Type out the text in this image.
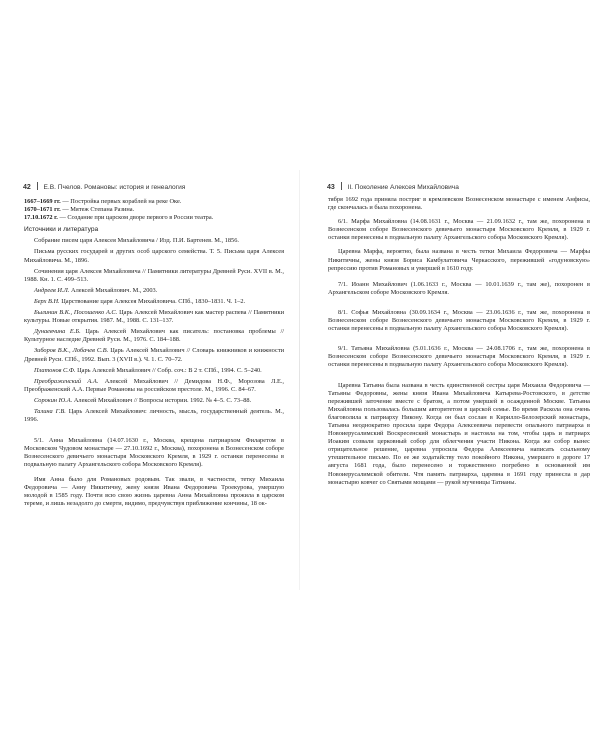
42 Е.В. Пчелов. Романовы: история и генеалогия
1667–1669 гг. — Постройка первых кораблей на реке Оке.
1670–1671 гг. — Мятеж Степана Разина.
17.10.1672 г. — Создание при царском дворе первого в России театра.
Источники и литература

Собрание писем царя Алексея Михайловича / Изд. П.И. Бартенев. М., 1856.

Письма русских государей и других особ царского семейства. Т. 5. Письма царя Алексея Михайловича. М., 1896.

Сочинения царя Алексея Михайловича // Памятники литературы Древней Руси. XVII в. М., 1988. Кн. 1. С. 499–513.

Андреев И.Л. Алексей Михайлович. М., 2003.

Берх В.Н. Царствование царя Алексея Михайловича. СПб., 1830–1831. Ч. 1–2.

Былинин В.К., Посошенко А.С. Царь Алексей Михайлович как мастер распева // Памятники культуры. Новые открытия. 1987. М., 1988. С. 131–137.

Дунаевчина Е.Б. Царь Алексей Михайлович как писатель: постановка проблемы // Культурное наследие Древней Руси. М., 1976. С. 184–188.

Зиборов В.К., Лобачев С.В. Царь Алексей Михайлович // Словарь книжников и книжности Древней Руси. СПб., 1992. Вып. 3 (XVII в.). Ч. 1. С. 70–72.

Платонов С.Ф. Царь Алексей Михайлович // Собр. соч.: В 2 т. СПб., 1994. С. 5–240.

Преображенский А.А. Алексей Михайлович // Демидова Н.Ф., Морозова Л.Е., Преображенский А.А. Первые Романовы на российском престоле. М., 1996. С. 84–67.

Сорокин Ю.А. Алексей Михайлович // Вопросы истории. 1992. № 4–5. С. 73–88.

Талина Г.В. Царь Алексей Михайлович: личность, мысль, государственный деятель. М., 1996.

5/1. Анна Михайловна (14.07.1630 г., Москва, крещена патриархом Филаретом в Московском Чудовом монастыре — 27.10.1692 г., Москва), похоронена в Вознесенском соборе Вознесенского девичьего монастыря Московского Кремля, в 1929 г. останки перенесены в подвальную палату Архангельского собора Московского Кремля).

Имя Анна было для Романовых родовым. Так звали, в частности, тетку Михаила Федоровича — Анну Никитичну, жену князя Ивана Федоровича Троекурова, умершую молодой в 1585 году. Почти всю свою жизнь царевна Анна Михайловна прожила в царском тереме, и лишь незадолго до смерти, видимо, предчувствуя приближение кончины, 18 ок-

43 II. Поколение Алексея Михайловича

тября 1692 года приняла постриг в кремлевском Вознесенском монастыре с именем Анфисы, где скончалась и была похоронена.

6/1. Марфа Михайловна (14.08.1631 г., Москва — 21.09.1632 г., там же, похоронена в Вознесенском соборе Вознесенского девичьего монастыря Московского Кремля, в 1929 г. останки перенесены в подвальную палату Архангельского собора Московского Кремля).

Царевна Марфа, вероятно, была названа в честь тетки Михаила Федоровича — Марфы Никитичны, жены князя Бориса Камбулатовича Черкасского, пережившей «годуновскую» репрессию против Романовых и умершей в 1610 году.

7/1. Иоанн Михайлович (1.06.1633 г., Москва — 10.01.1639 г., там же), похоронен в Архангельском соборе Московского Кремля.

8/1. Софья Михайловна (30.09.1634 г., Москва — 23.06.1636 г., там же, похоронена в Вознесенском соборе Вознесенского девичьего монастыря Московского Кремля, в 1929 г. останки перенесены в подвальную палату Архангельского собора Московского Кремля).

9/1. Татьяна Михайловна (5.01.1636 г., Москва — 24.08.1706 г., там же, похоронена в Вознесенском соборе Вознесенского девичьего монастыря Московского Кремля, в 1929 г. останки перенесены в подвальную палату Архангельского собора Московского Кремля).

Царевна Татьяна была названа в честь единственной сестры царя Михаила Федоровича — Татьяны Федоровны, жены князя Ивана Михайловича Катырева-Ростовского, в детстве пережившей заточение вместе с братом, а потом умершей в осажденной Москве. Татьяна Михайловна пользовалась большим авторитетом в царской семье. Во время Раскола она очень благоволила к патриарху Никону. Когда он был сослан в Кирилло-Белозерский монастырь, Татьяна неоднократно просила царя Федора Алексеевича перевести опального патриарха в Новоиерусалимский Воскресенский монастырь и настояла на том, чтобы царь и патриарх Иоаким созвали церковный собор для облегчения участи Никона. Когда же собор вынес отрицательное решение, царевна упросила Федора Алексеевича написать ссыльному утешительное письмо. По ее же ходатайству тело покойного Никона, умершего в дороге 17 августа 1681 года, было перенесено и торжественно погребено в основанной им Новоиерусалимской обители. Чтя память патриарха, царевна в 1691 году принесла в дар монастырю ковчег со Святыми мощами — рукой мученицы Татианы.
